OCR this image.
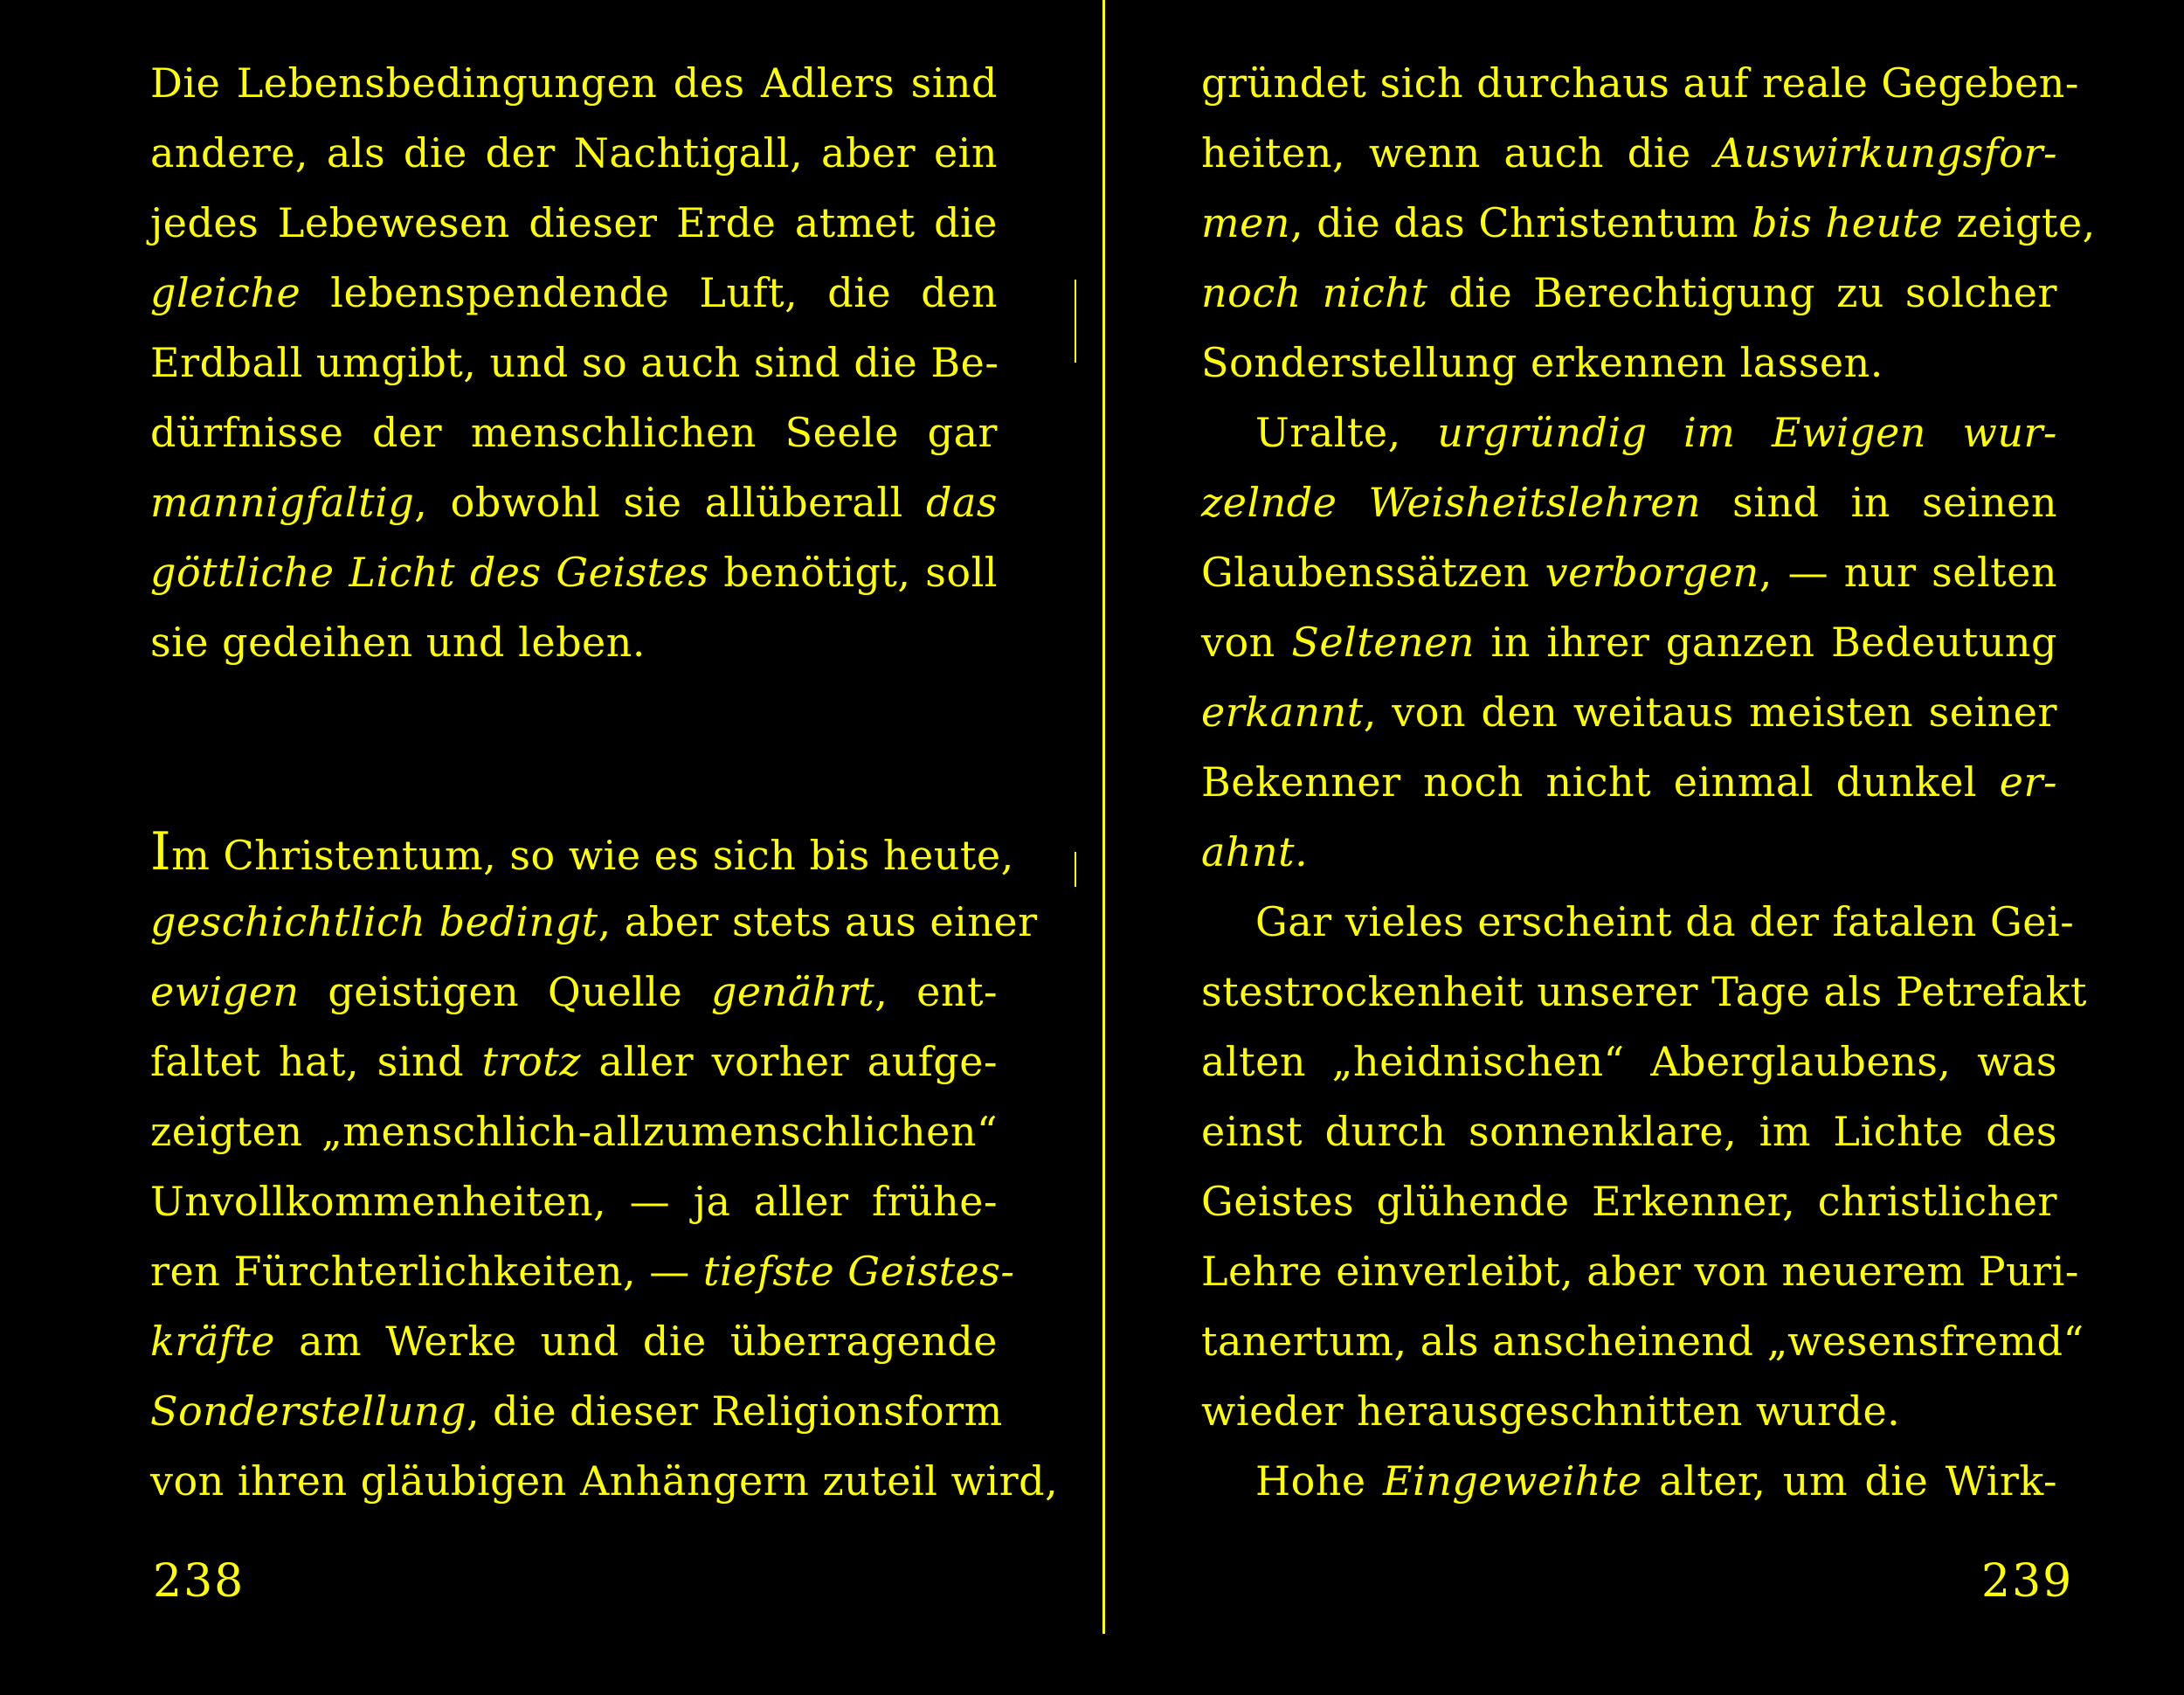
Die Lebensbedingungen des Adlers sind
andere, als die der Nachtigall, aber ein
jedes Lebewesen dieser Erde atmet die
gleiche lebenspendende Luft, die den
Erdball umgibt, und so auch sind die Be-
dürfnisse der menschlichen Seele gar
mannigfaltig, obwohl sie allüberall das
göttliche Licht des Geistes benötigt, soll
sie gedeihen und leben.
Im Christentum, so wie es sich bis heute,
geschichtlich bedingt, aber stets aus einer
ewigen geistigen Quelle genährt, ent-
faltet hat, sind trotz aller vorher aufge-
zeigten „menschlich-allzumenschlichen“
Unvollkommenheiten, — ja aller frühe-
ren Fürchterlichkeiten, — tiefste Geistes-
kräfte am Werke und die überragende
Sonderstellung, die dieser Religionsform
von ihren gläubigen Anhängern zuteil wird,
238
gründet sich durchaus auf reale Gegeben-
heiten, wenn auch die Auswirkungsfor-
men, die das Christentum bis heute zeigte,
noch nicht die Berechtigung zu solcher
Sonderstellung erkennen lassen.
Uralte, urgründig im Ewigen wur-
zelnde Weisheitslehren sind in seinen
Glaubenssätzen verborgen, — nur selten
von Seltenen in ihrer ganzen Bedeutung
erkannt, von den weitaus meisten seiner
Bekenner noch nicht einmal dunkel er-
ahnt.
Gar vieles erscheint da der fatalen Gei-
stestrockenheit unserer Tage als Petrefakt
alten „heidnischen“ Aberglaubens, was
einst durch sonnenklare, im Lichte des
Geistes glühende Erkenner, christlicher
Lehre einverleibt, aber von neuerem Puri-
tanertum, als anscheinend „wesensfremd“
wieder herausgeschnitten wurde.
Hohe Eingeweihte alter, um die Wirk-
239
